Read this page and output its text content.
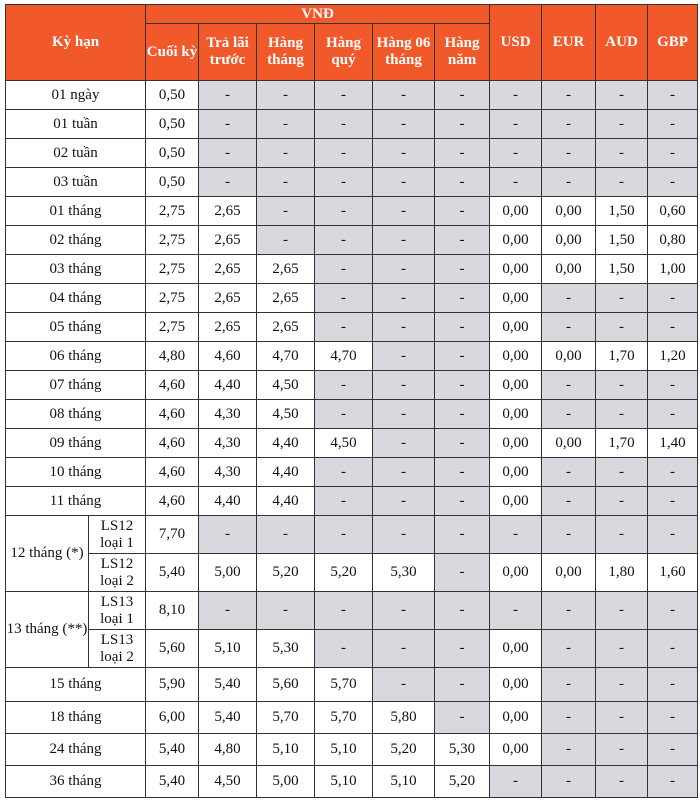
Kỳ hạn		VNĐ						USD	EUR	AUD	GBP
		Cuối kỳ	Trả lãi trước	Hàng tháng	Hàng quý	Hàng 06 tháng	Hàng năm				
01 ngày		0,50	-	-	-	-	-	-	-	-	-
01 tuần		0,50	-	-	-	-	-	-	-	-	-
02 tuần		0,50	-	-	-	-	-	-	-	-	-
03 tuần		0,50	-	-	-	-	-	-	-	-	-
01 tháng		2,75	2,65	-	-	-	-	0,00	0,00	1,50	0,60
02 tháng		2,75	2,65	-	-	-	-	0,00	0,00	1,50	0,80
03 tháng		2,75	2,65	2,65	-	-	-	0,00	0,00	1,50	1,00
04 tháng		2,75	2,65	2,65	-	-	-	0,00	-	-	-
05 tháng		2,75	2,65	2,65	-	-	-	0,00	-	-	-
06 tháng		4,80	4,60	4,70	4,70	-	-	0,00	0,00	1,70	1,20
07 tháng		4,60	4,40	4,50	-	-	-	0,00	-	-	-
08 tháng		4,60	4,30	4,50	-	-	-	0,00	-	-	-
09 tháng		4,60	4,30	4,40	4,50	-	-	0,00	0,00	1,70	1,40
10 tháng		4,60	4,30	4,40	-	-	-	0,00	-	-	-
11 tháng		4,60	4,40	4,40	-	-	-	0,00	-	-	-
12 tháng (*)	LS12 loại 1	7,70	-	-	-	-	-	-	-	-	-
	LS12 loại 2	5,40	5,00	5,20	5,20	5,30	-	0,00	0,00	1,80	1,60
13 tháng (**)	LS13 loại 1	8,10	-	-	-	-	-	-	-	-	-
	LS13 loại 2	5,60	5,10	5,30	-	-	-	0,00	-	-	-
15 tháng		5,90	5,40	5,60	5,70	-	-	0,00	-	-	-
18 tháng		6,00	5,40	5,70	5,70	5,80	-	0,00	-	-	-
24 tháng		5,40	4,80	5,10	5,10	5,20	5,30	0,00	-	-	-
36 tháng		5,40	4,50	5,00	5,10	5,10	5,20	-	-	-	-
